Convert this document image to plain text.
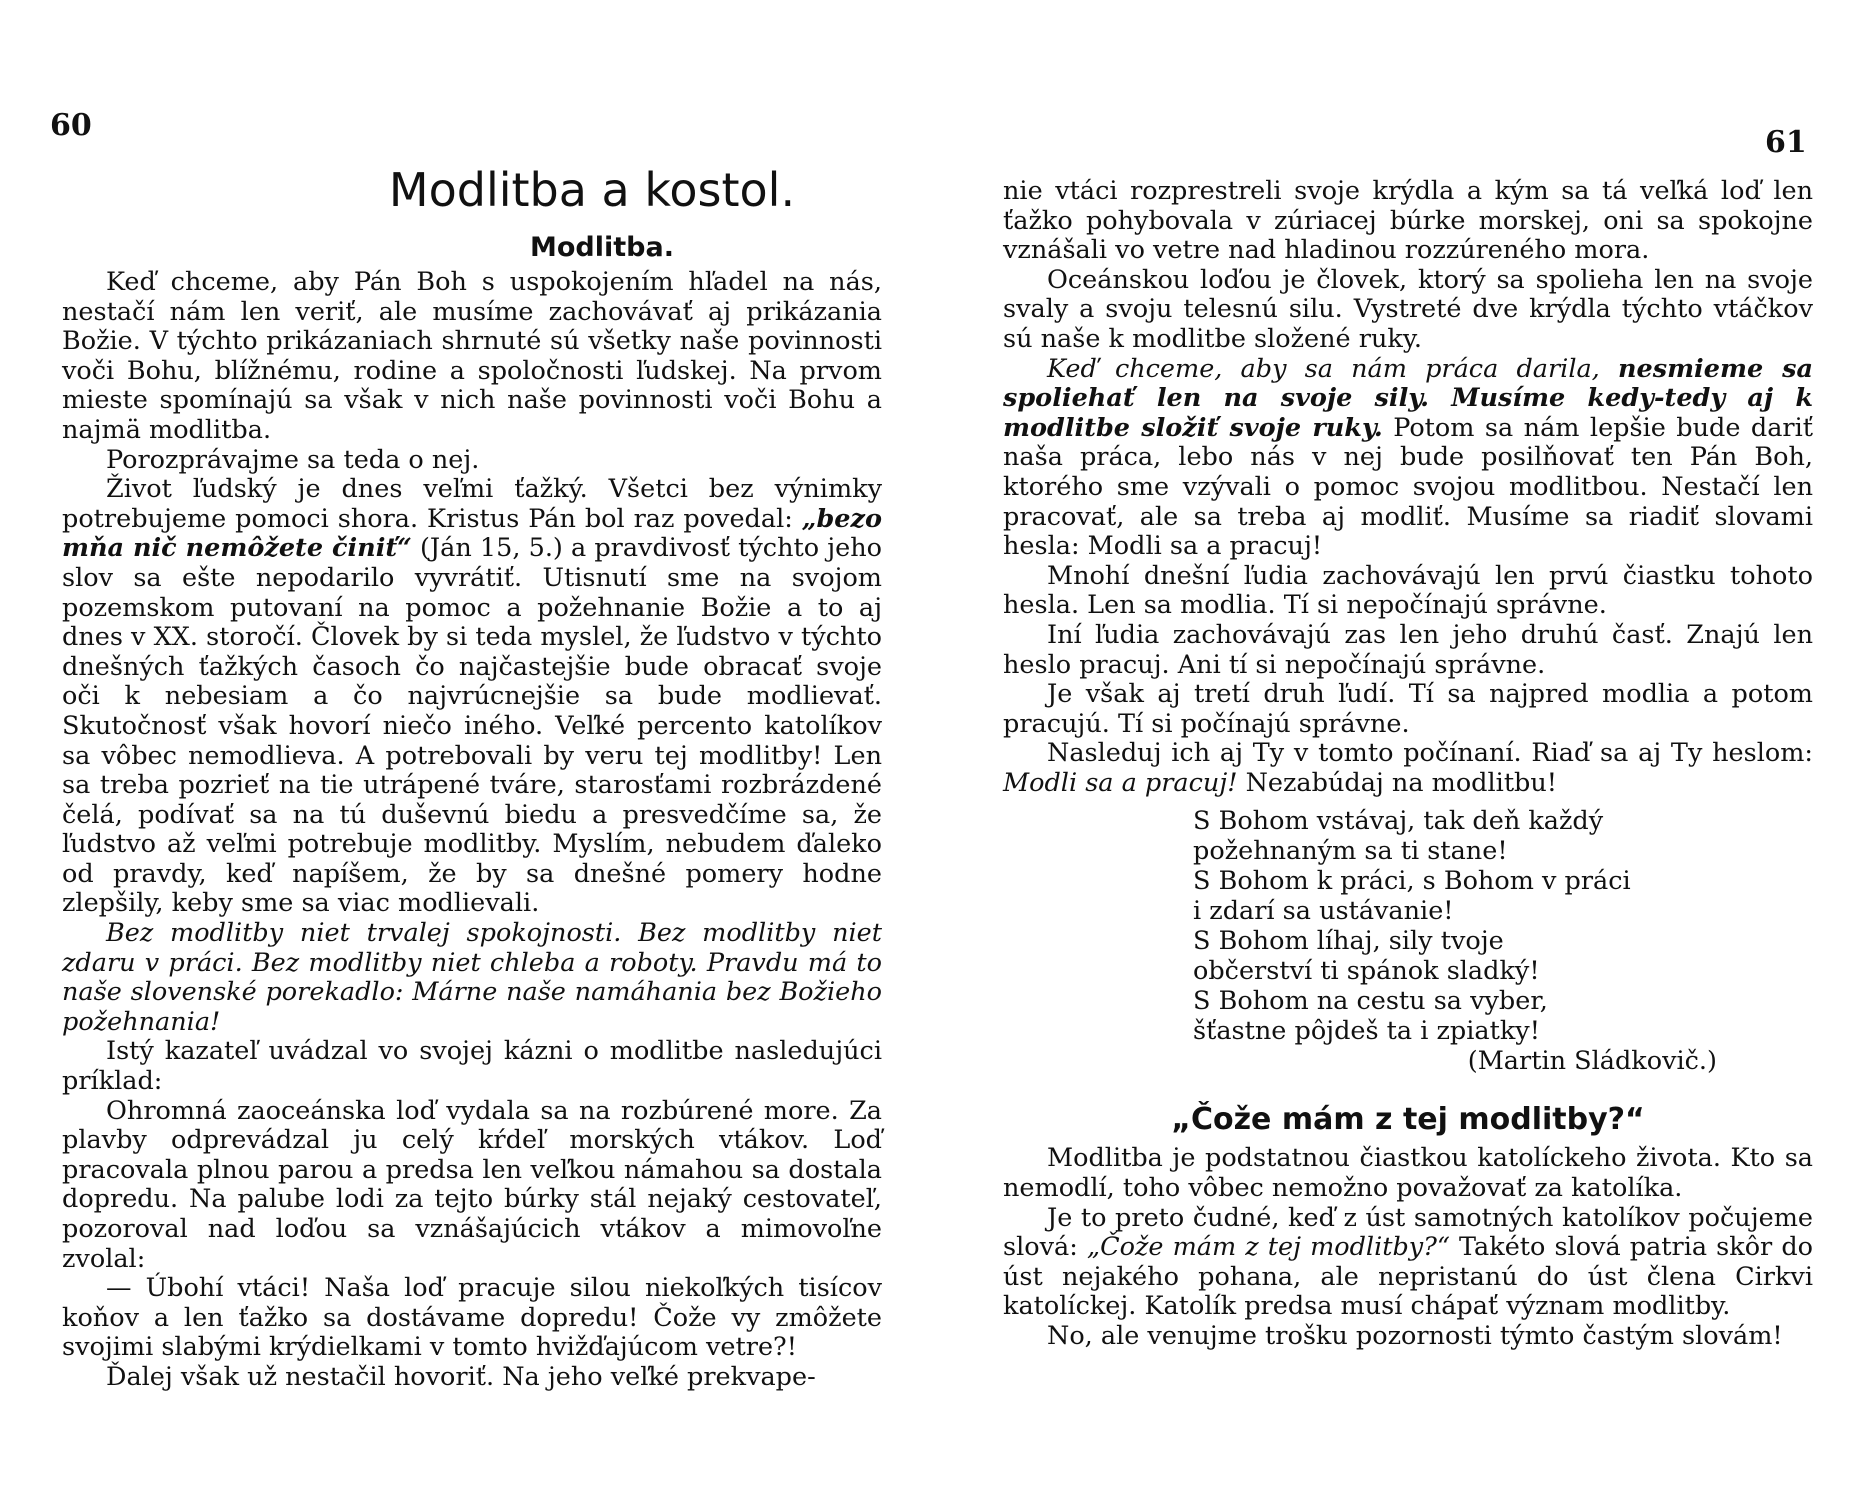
60
Modlitba a kostol.
Modlitba.

Keď chceme, aby Pán Boh s uspokojením hľadel na nás, nestačí nám len veriť, ale musíme zachovávať aj prikázania Božie. V týchto prikázaniach shrnuté sú všetky naše povinnosti voči Bohu, blížnému, rodine a spoločnosti ľudskej. Na prvom mieste spomínajú sa však v nich naše povinnosti voči Bohu a najmä modlitba.

Porozprávajme sa teda o nej.

Život ľudský je dnes veľmi ťažký. Všetci bez výnimky potrebujeme pomoci shora. Kristus Pán bol raz povedal: „bezo mňa nič nemôžete činiť“ (Ján 15, 5.) a pravdivosť týchto jeho slov sa ešte nepodarilo vyvrátiť. Utisnutí sme na svojom pozemskom putovaní na pomoc a požehnanie Božie a to aj dnes v XX. storočí. Človek by si teda myslel, že ľudstvo v týchto dnešných ťažkých časoch čo najčastejšie bude obracať svoje oči k nebesiam a čo najvrúcnejšie sa bude modlievať. Skutočnosť však hovorí niečo iného. Veľké percento katolíkov sa vôbec nemodlieva. A potrebovali by veru tej modlitby! Len sa treba pozrieť na tie utrápené tváre, starosťami rozbrázdené čelá, podívať sa na tú duševnú biedu a presvedčíme sa, že ľudstvo až veľmi potrebuje modlitby. Myslím, nebudem ďaleko od pravdy, keď napíšem, že by sa dnešné pomery hodne zlepšily, keby sme sa viac modlievali.

Bez modlitby niet trvalej spokojnosti. Bez modlitby niet zdaru v práci. Bez modlitby niet chleba a roboty. Pravdu má to naše slovenské porekadlo: Márne naše namáhania bez Božieho požehnania!

Istý kazateľ uvádzal vo svojej kázni o modlitbe nasledujúci príklad:

Ohromná zaoceánska loď vydala sa na rozbúrené more. Za plavby odprevádzal ju celý kŕdeľ morských vtákov. Loď pracovala plnou parou a predsa len veľkou námahou sa dostala dopredu. Na palube lodi za tejto búrky stál nejaký cestovateľ, pozoroval nad loďou sa vznášajúcich vtákov a mimovoľne zvolal:

— Úbohí vtáci! Naša loď pracuje silou niekoľkých tisícov koňov a len ťažko sa dostávame dopredu! Čože vy zmôžete svojimi slabými krýdielkami v tomto hvižďajúcom vetre?!

Ďalej však už nestačil hovoriť. Na jeho veľké prekvape-

61

nie vtáci rozprestreli svoje krýdla a kým sa tá veľká loď len ťažko pohybovala v zúriacej búrke morskej, oni sa spokojne vznášali vo vetre nad hladinou rozzúreného mora.

Oceánskou loďou je človek, ktorý sa spolieha len na svoje svaly a svoju telesnú silu. Vystreté dve krýdla týchto vtáčkov sú naše k modlitbe složené ruky.

Keď chceme, aby sa nám práca darila, nesmieme sa spoliehať len na svoje sily. Musíme kedy-tedy aj k modlitbe složiť svoje ruky. Potom sa nám lepšie bude dariť naša práca, lebo nás v nej bude posilňovať ten Pán Boh, ktorého sme vzývali o pomoc svojou modlitbou. Nestačí len pracovať, ale sa treba aj modliť. Musíme sa riadiť slovami hesla: Modli sa a pracuj!

Mnohí dnešní ľudia zachovávajú len prvú čiastku tohoto hesla. Len sa modlia. Tí si nepočínajú správne.

Iní ľudia zachovávajú zas len jeho druhú časť. Znajú len heslo pracuj. Ani tí si nepočínajú správne.

Je však aj tretí druh ľudí. Tí sa najpred modlia a potom pracujú. Tí si počínajú správne.

Nasleduj ich aj Ty v tomto počínaní. Riaď sa aj Ty heslom: Modli sa a pracuj! Nezabúdaj na modlitbu!

S Bohom vstávaj, tak deň každý
požehnaným sa ti stane!
S Bohom k práci, s Bohom v práci
i zdarí sa ustávanie!
S Bohom líhaj, sily tvoje
občerství ti spánok sladký!
S Bohom na cestu sa vyber,
šťastne pôjdeš ta i zpiatky!
(Martin Sládkovič.)
„Čože mám z tej modlitby?“

Modlitba je podstatnou čiastkou katolíckeho života. Kto sa nemodlí, toho vôbec nemožno považovať za katolíka.

Je to preto čudné, keď z úst samotných katolíkov počujeme slová: „Čože mám z tej modlitby?“ Takéto slová patria skôr do úst nejakého pohana, ale nepristanú do úst člena Cirkvi katolíckej. Katolík predsa musí chápať význam modlitby.

No, ale venujme trošku pozornosti týmto častým slovám!
